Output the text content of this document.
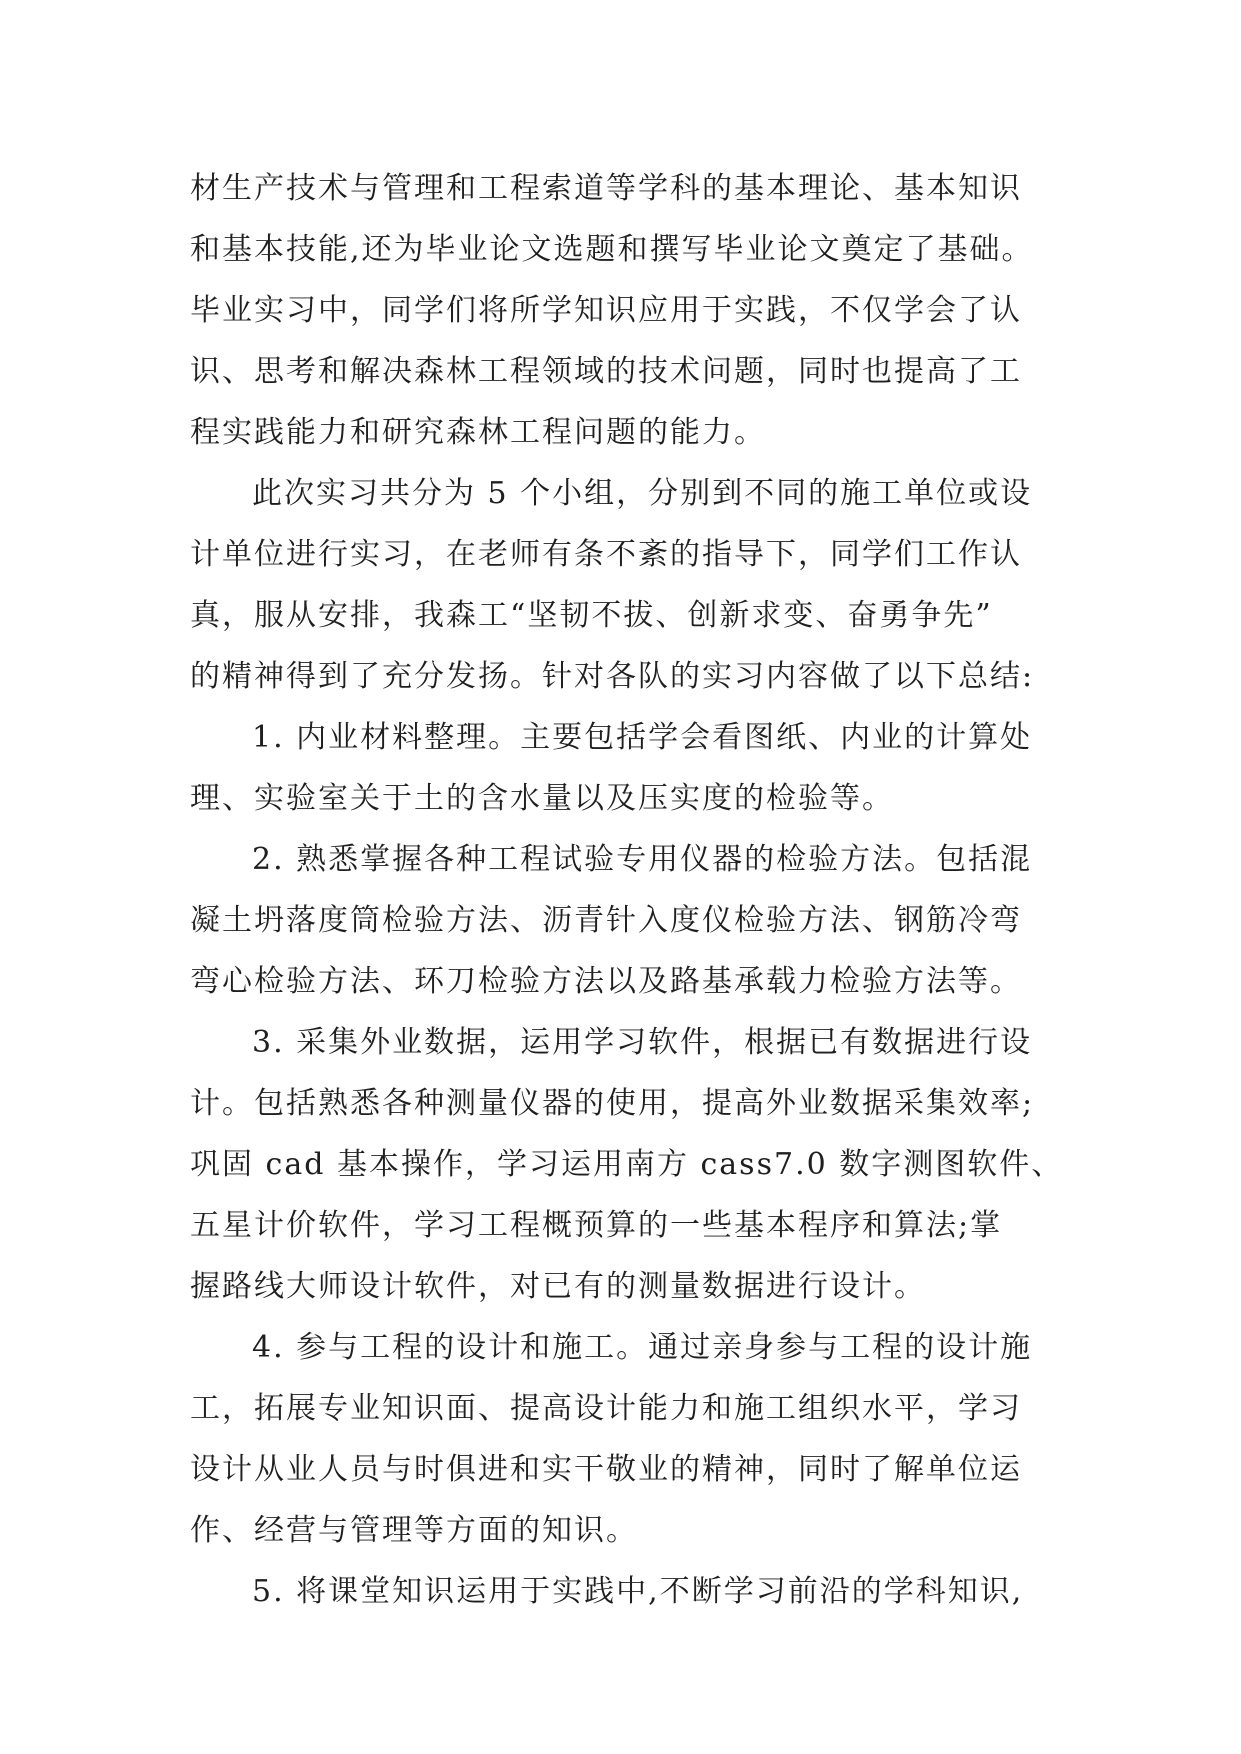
材生产技术与管理和工程索道等学科的基本理论、基本知识
和基本技能,还为毕业论文选题和撰写毕业论文奠定了基础。
毕业实习中，同学们将所学知识应用于实践，不仅学会了认
识、思考和解决森林工程领域的技术问题，同时也提高了工
程实践能力和研究森林工程问题的能力。
此次实习共分为 5 个小组，分别到不同的施工单位或设
计单位进行实习，在老师有条不紊的指导下，同学们工作认
真，服从安排，我森工“坚韧不拔、创新求变、奋勇争先”
的精神得到了充分发扬。针对各队的实习内容做了以下总结:
1. 内业材料整理。主要包括学会看图纸、内业的计算处
理、实验室关于土的含水量以及压实度的检验等。
2. 熟悉掌握各种工程试验专用仪器的检验方法。包括混
凝土坍落度筒检验方法、沥青针入度仪检验方法、钢筋冷弯
弯心检验方法、环刀检验方法以及路基承载力检验方法等。
3. 采集外业数据，运用学习软件，根据已有数据进行设
计。包括熟悉各种测量仪器的使用，提高外业数据采集效率;
巩固 cad 基本操作，学习运用南方 cass7.0 数字测图软件、
五星计价软件，学习工程概预算的一些基本程序和算法;掌
握路线大师设计软件，对已有的测量数据进行设计。
4. 参与工程的设计和施工。通过亲身参与工程的设计施
工，拓展专业知识面、提高设计能力和施工组织水平，学习
设计从业人员与时俱进和实干敬业的精神，同时了解单位运
作、经营与管理等方面的知识。
5. 将课堂知识运用于实践中,不断学习前沿的学科知识,
